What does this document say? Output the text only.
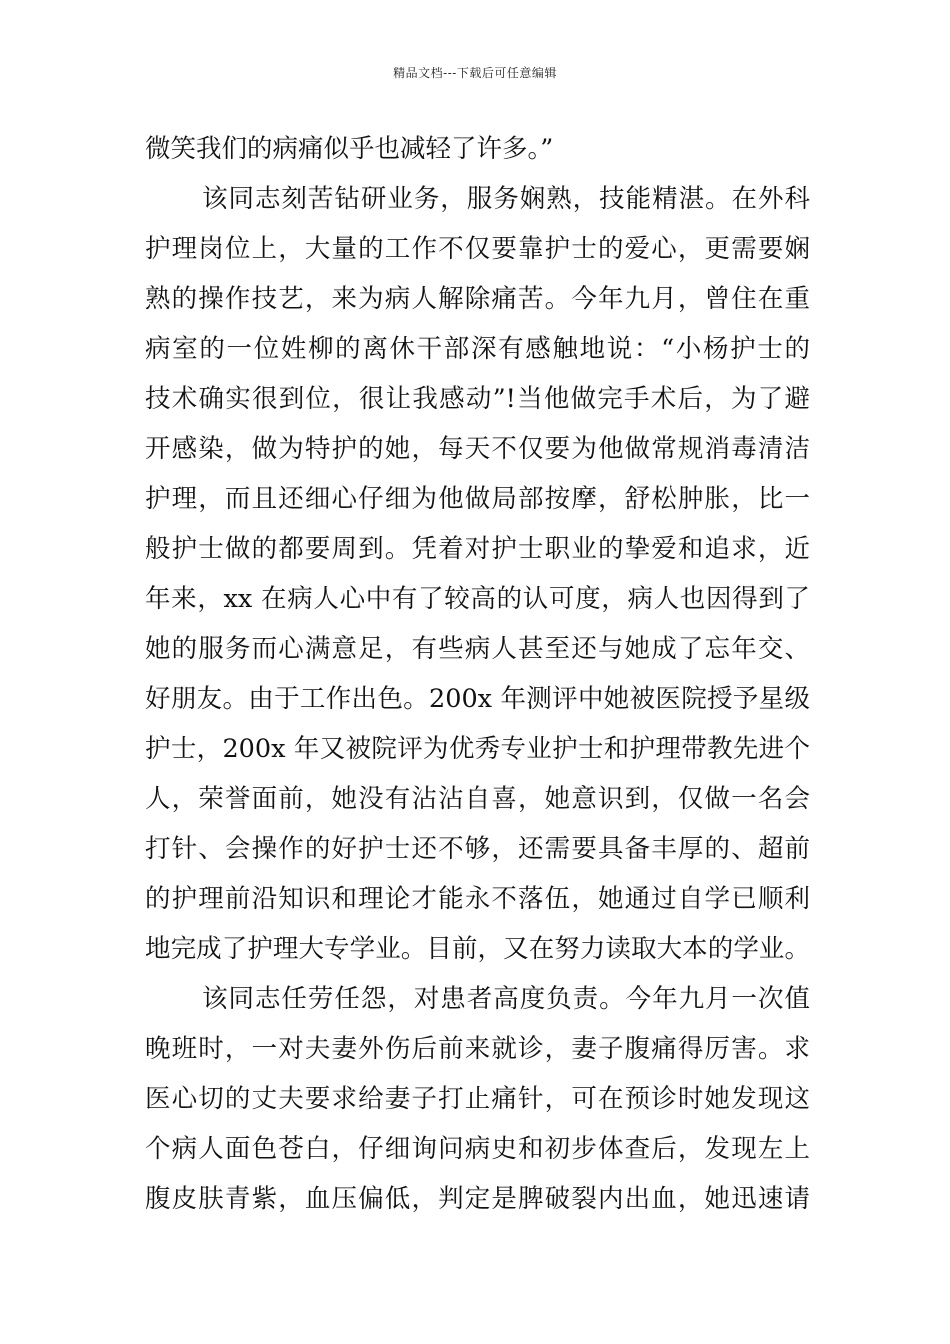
精品文档---下载后可任意编辑
微笑我们的病痛似乎也减轻了许多。”
该同志刻苦钻研业务，服务娴熟，技能精湛。在外科
护理岗位上，大量的工作不仅要靠护士的爱心，更需要娴
熟的操作技艺，来为病人解除痛苦。今年九月，曾住在重
病室的一位姓柳的离休干部深有感触地说：“小杨护士的
技术确实很到位，很让我感动”!当他做完手术后，为了避
开感染，做为特护的她，每天不仅要为他做常规消毒清洁
护理，而且还细心仔细为他做局部按摩，舒松肿胀，比一
般护士做的都要周到。凭着对护士职业的挚爱和追求，近
年来，xx 在病人心中有了较高的认可度，病人也因得到了
她的服务而心满意足，有些病人甚至还与她成了忘年交、
好朋友。由于工作出色。200x 年测评中她被医院授予星级
护士，200x 年又被院评为优秀专业护士和护理带教先进个
人，荣誉面前，她没有沾沾自喜，她意识到，仅做一名会
打针、会操作的好护士还不够，还需要具备丰厚的、超前
的护理前沿知识和理论才能永不落伍，她通过自学已顺利
地完成了护理大专学业。目前，又在努力读取大本的学业。
该同志任劳任怨，对患者高度负责。今年九月一次值
晚班时，一对夫妻外伤后前来就诊，妻子腹痛得厉害。求
医心切的丈夫要求给妻子打止痛针，可在预诊时她发现这
个病人面色苍白，仔细询问病史和初步体查后，发现左上
腹皮肤青紫，血压偏低，判定是脾破裂内出血，她迅速请
